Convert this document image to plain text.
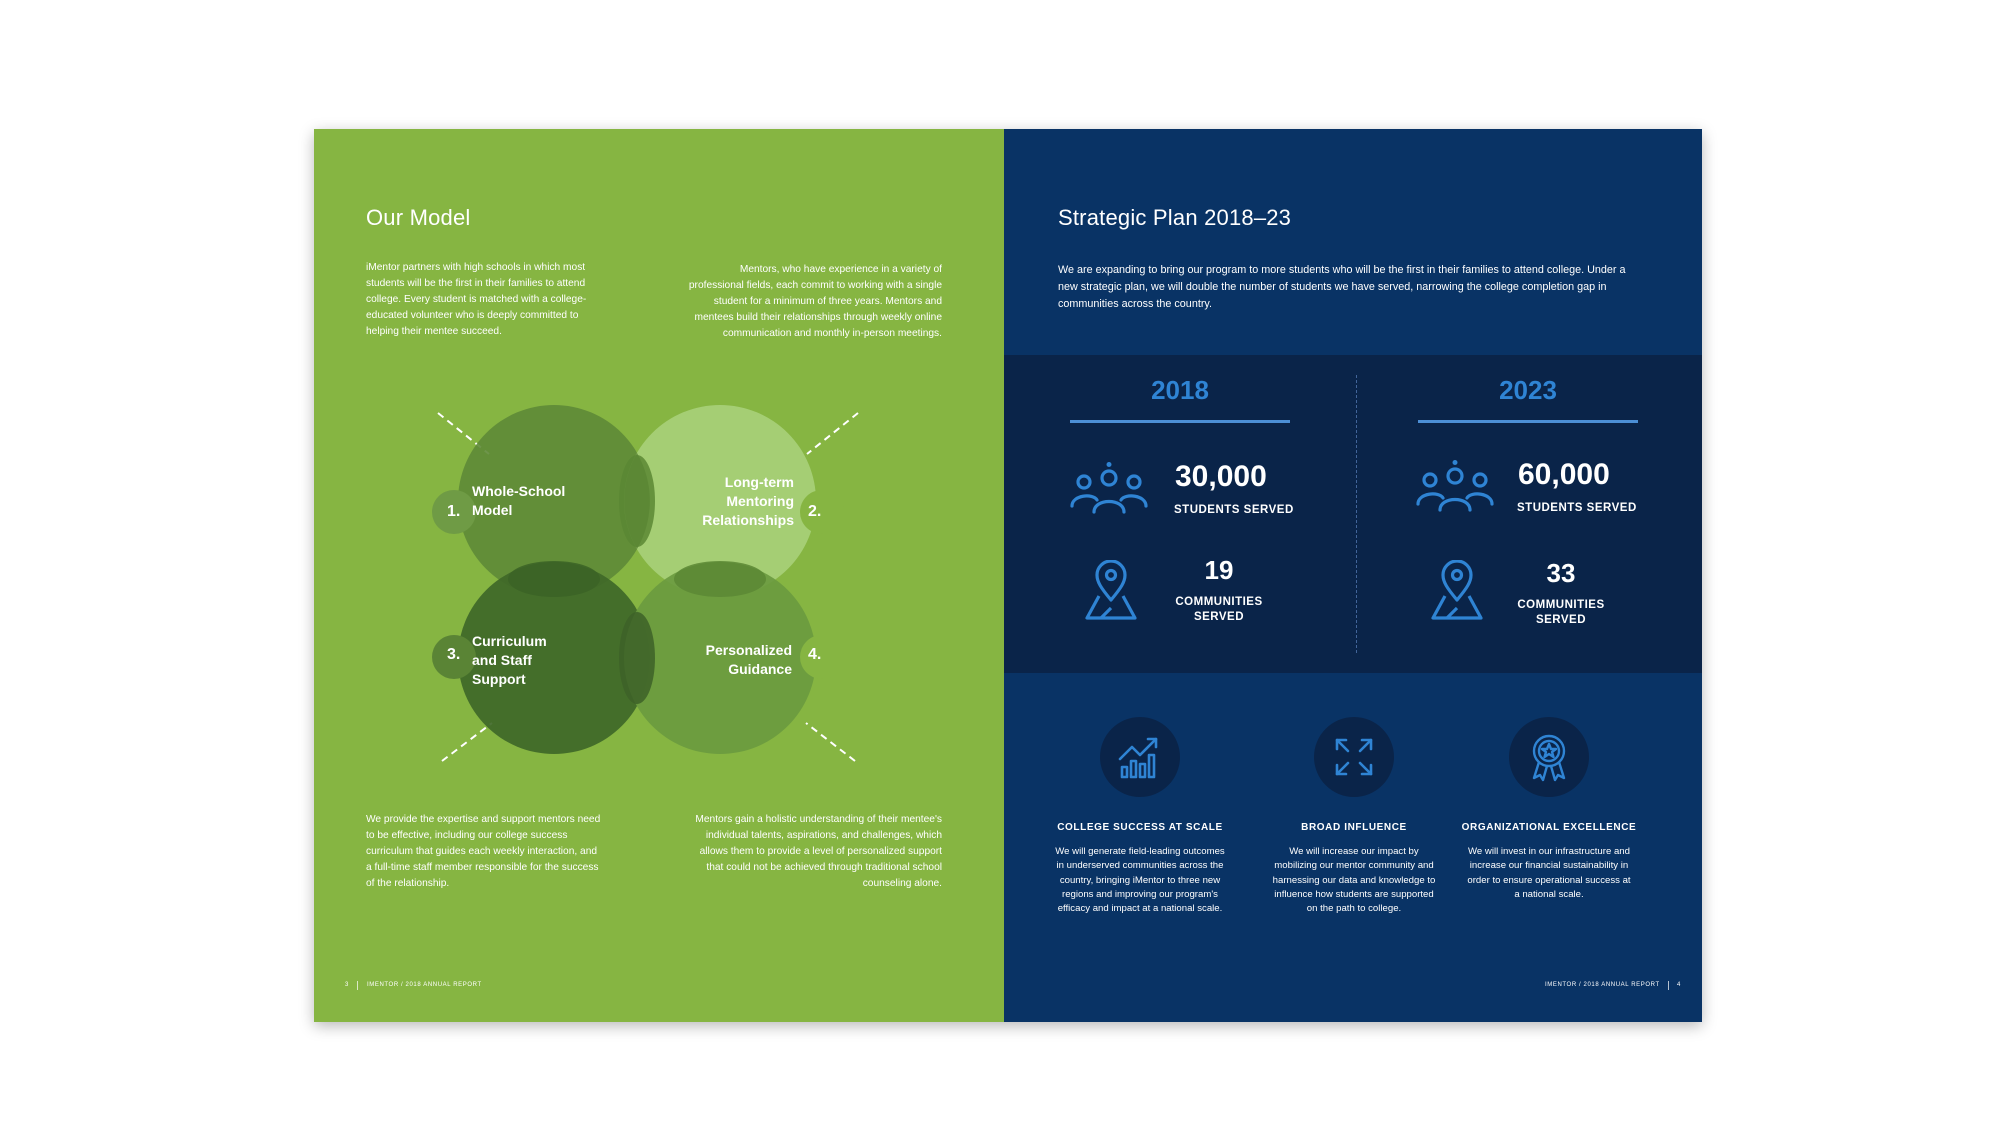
Our Model

iMentor partners with high schools in which most students will be the first in their families to attend college. Every student is matched with a college-educated volunteer who is deeply committed to helping their mentee succeed.

Mentors, who have experience in a variety of professional fields, each commit to working with a single student for a minimum of three years. Mentors and mentees build their relationships through weekly online communication and monthly in-person meetings.

1.
Whole-School Model	2.
Long-term Mentoring Relationships
3.
Curriculum and Staff Support
4.
Personalized Guidance

We provide the expertise and support mentors need to be effective, including our college success curriculum that guides each weekly interaction, and a full-time staff member responsible for the success of the relationship.

Mentors gain a holistic understanding of their mentee's individual talents, aspirations, and challenges, which allows them to provide a level of personalized support that could not be achieved through traditional school counseling alone.

3	IMENTOR / 2018 ANNUAL REPORT
Strategic Plan 2018–23

We are expanding to bring our program to more students who will be the first in their families to attend college. Under a new strategic plan, we will double the number of students we have served, narrowing the college completion gap in communities across the country.

2018
30,000
STUDENTS SERVED
19
COMMUNITIES
SERVED
2023
60,000
STUDENTS SERVED
33
COMMUNITIES
SERVED
COLLEGE SUCCESS AT SCALE
We will generate field-leading outcomes in underserved communities across the country, bringing iMentor to three new regions and improving our program's efficacy and impact at a national scale.
BROAD INFLUENCE
We will increase our impact by mobilizing our mentor community and harnessing our data and knowledge to influence how students are supported on the path to college.
ORGANIZATIONAL EXCELLENCE
We will invest in our infrastructure and increase our financial sustainability in order to ensure operational success at a national scale.
IMENTOR / 2018 ANNUAL REPORT	4
